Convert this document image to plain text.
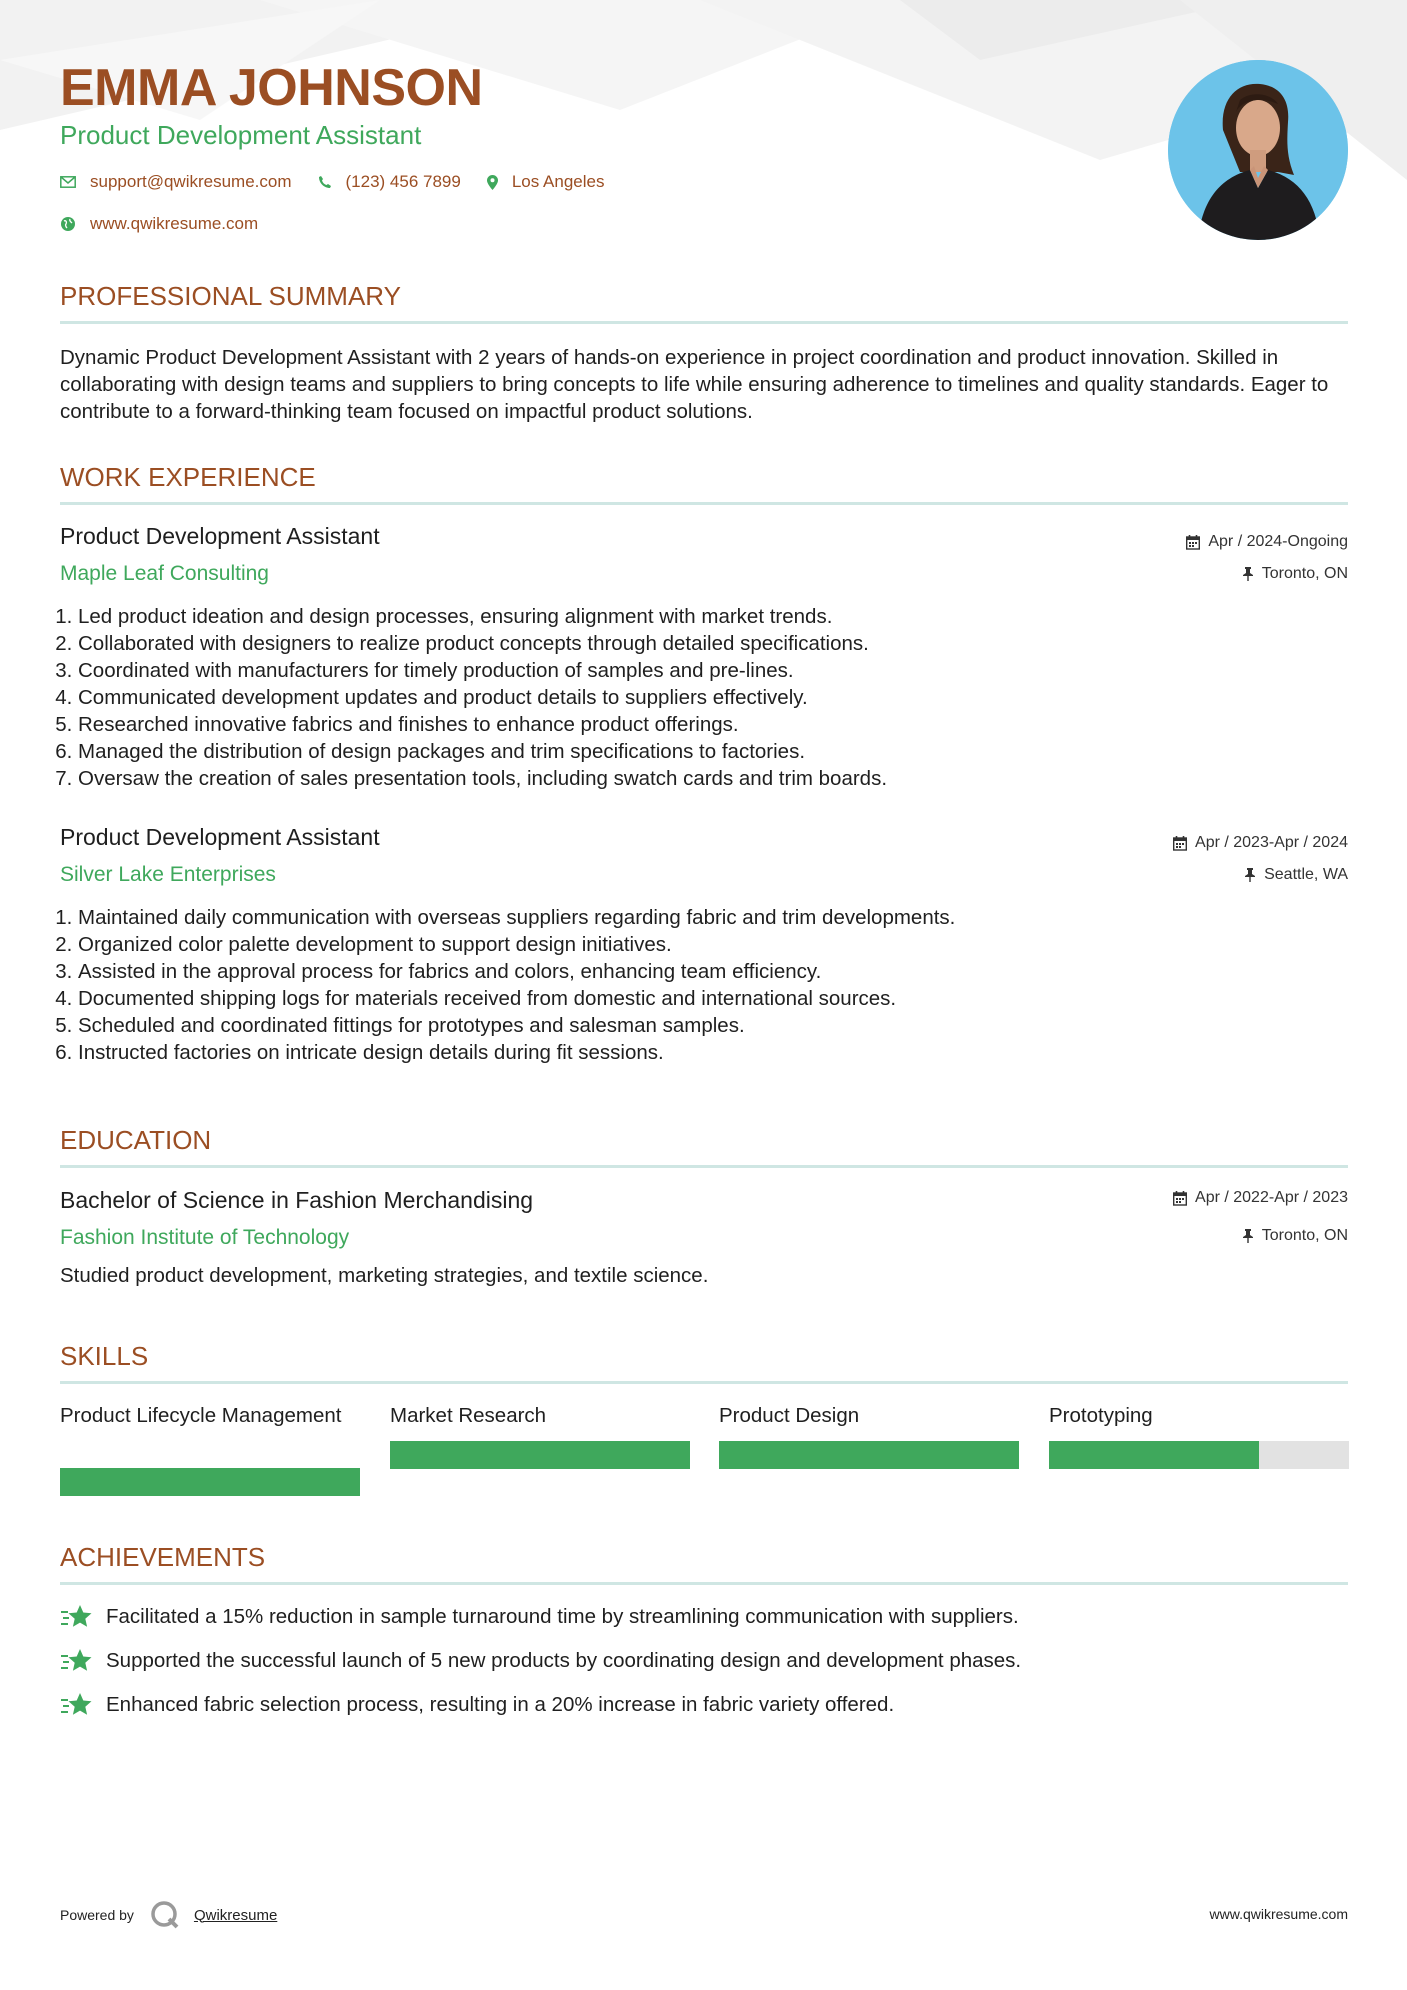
EMMA JOHNSON
Product Development Assistant
support@qwikresume.com	(123) 456 7899	Los Angeles
www.qwikresume.com
PROFESSIONAL SUMMARY
Dynamic Product Development Assistant with 2 years of hands-on experience in project coordination and product innovation. Skilled in collaborating with design teams and suppliers to bring concepts to life while ensuring adherence to timelines and quality standards. Eager to contribute to a forward-thinking team focused on impactful product solutions.
WORK EXPERIENCE
Product Development Assistant	Apr / 2024-Ongoing
Maple Leaf Consulting	Toronto, ON
1. Led product ideation and design processes, ensuring alignment with market trends.
2. Collaborated with designers to realize product concepts through detailed specifications.
3. Coordinated with manufacturers for timely production of samples and pre-lines.
4. Communicated development updates and product details to suppliers effectively.
5. Researched innovative fabrics and finishes to enhance product offerings.
6. Managed the distribution of design packages and trim specifications to factories.
7. Oversaw the creation of sales presentation tools, including swatch cards and trim boards.
Product Development Assistant	Apr / 2023-Apr / 2024
Silver Lake Enterprises	Seattle, WA
1. Maintained daily communication with overseas suppliers regarding fabric and trim developments.
2. Organized color palette development to support design initiatives.
3. Assisted in the approval process for fabrics and colors, enhancing team efficiency.
4. Documented shipping logs for materials received from domestic and international sources.
5. Scheduled and coordinated fittings for prototypes and salesman samples.
6. Instructed factories on intricate design details during fit sessions.
EDUCATION
Bachelor of Science in Fashion Merchandising	Apr / 2022-Apr / 2023
Fashion Institute of Technology	Toronto, ON
Studied product development, marketing strategies, and textile science.
SKILLS
Product Lifecycle Management	Market Research	Product Design	Prototyping
ACHIEVEMENTS
Facilitated a 15% reduction in sample turnaround time by streamlining communication with suppliers.
Supported the successful launch of 5 new products by coordinating design and development phases.
Enhanced fabric selection process, resulting in a 20% increase in fabric variety offered.
Powered by	Qwikresume	www.qwikresume.com
